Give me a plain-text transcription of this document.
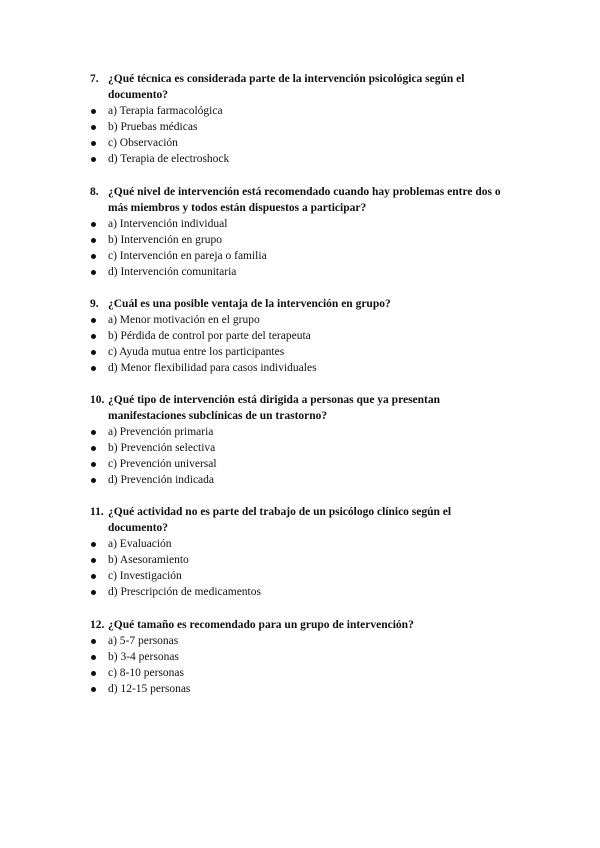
7. ¿Qué técnica es considerada parte de la intervención psicológica según el documento?
a) Terapia farmacológica
b) Pruebas médicas
c) Observación
d) Terapia de electroshock
8. ¿Qué nivel de intervención está recomendado cuando hay problemas entre dos o más miembros y todos están dispuestos a participar?
a) Intervención individual
b) Intervención en grupo
c) Intervención en pareja o familia
d) Intervención comunitaria
9. ¿Cuál es una posible ventaja de la intervención en grupo?
a) Menor motivación en el grupo
b) Pérdida de control por parte del terapeuta
c) Ayuda mutua entre los participantes
d) Menor flexibilidad para casos individuales
10. ¿Qué tipo de intervención está dirigida a personas que ya presentan manifestaciones subclínicas de un trastorno?
a) Prevención primaria
b) Prevención selectiva
c) Prevención universal
d) Prevención indicada
11. ¿Qué actividad no es parte del trabajo de un psicólogo clínico según el documento?
a) Evaluación
b) Asesoramiento
c) Investigación
d) Prescripción de medicamentos
12. ¿Qué tamaño es recomendado para un grupo de intervención?
a) 5-7 personas
b) 3-4 personas
c) 8-10 personas
d) 12-15 personas
